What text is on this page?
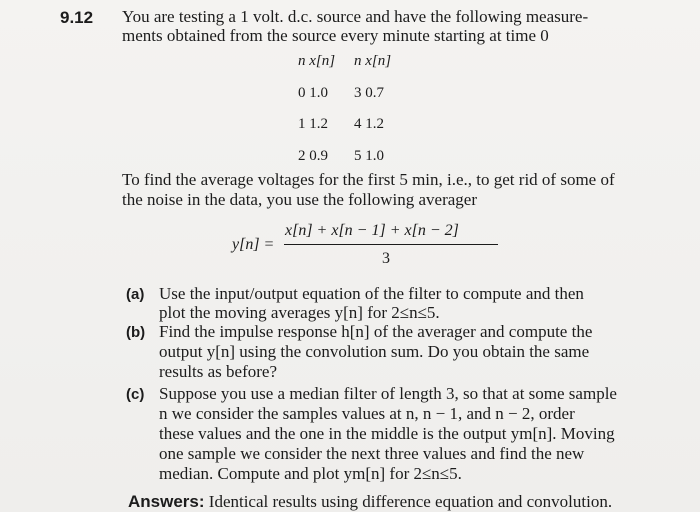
9.12 You are testing a 1 volt. d.c. source and have the following measure-
ments obtained from the source every minute starting at time 0
n x[n] n x[n]
0 1.0 3 0.7
1 1.2 4 1.2
2 0.9 5 1.0
To find the average voltages for the first 5 min, i.e., to get rid of some of
the noise in the data, you use the following averager
y[n] =
x[n] + x[n − 1] + x[n − 2]
3
(a) Use the input/output equation of the filter to compute and then
plot the moving averages y[n] for 2≤n≤5.
(b) Find the impulse response h[n] of the averager and compute the
output y[n] using the convolution sum. Do you obtain the same
results as before?
(c) Suppose you use a median filter of length 3, so that at some sample
n we consider the samples values at n, n − 1, and n − 2, order
these values and the one in the middle is the output ym[n]. Moving
one sample we consider the next three values and find the new
median. Compute and plot ym[n] for 2≤n≤5.
Answers: Identical results using difference equation and convolution.
